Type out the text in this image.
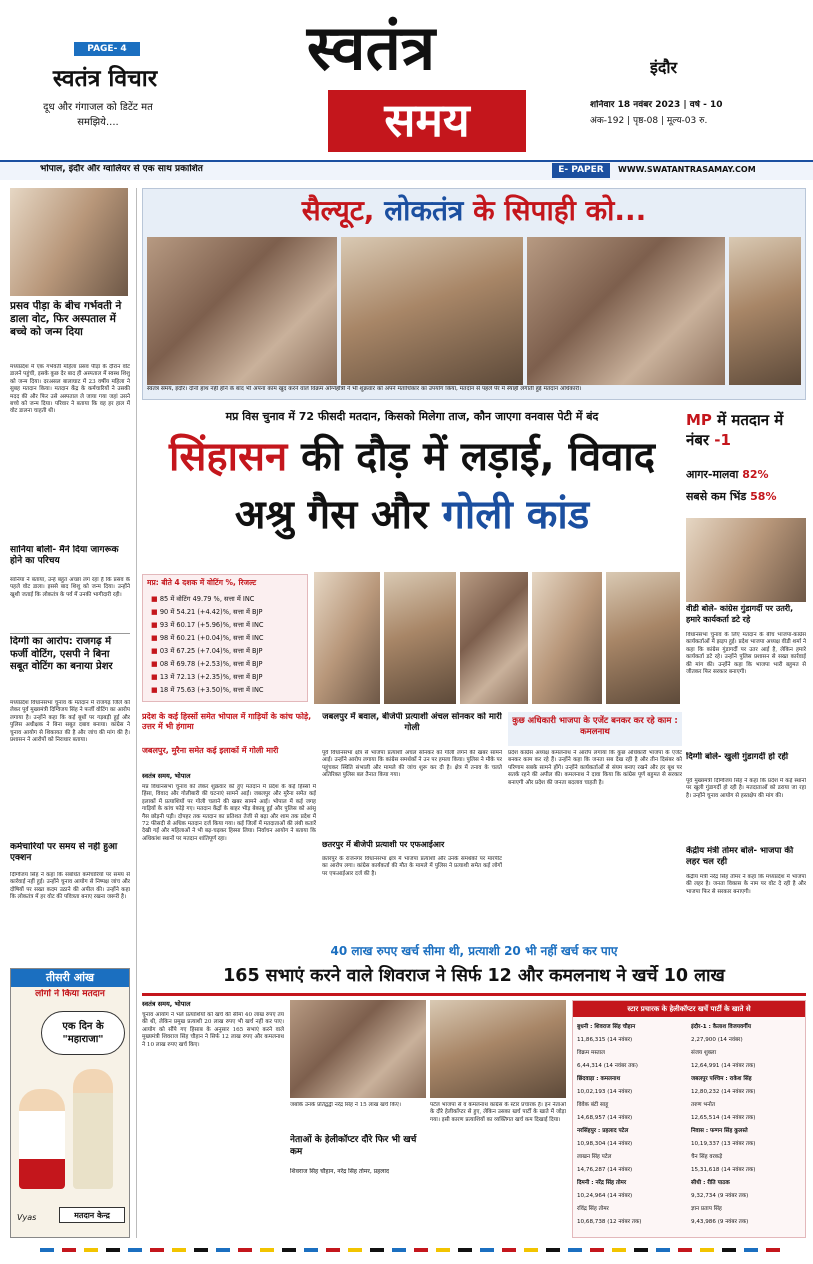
PAGE- 4
स्वतंत्र विचार
दूध और गंगाजल को डिटेंट मत समझिये....
स्वतंत्र
समय
इंदौर
शनिवार 18 नवंबर 2023 | वर्ष - 10
अंक-192 | पृष्ठ-08 | मूल्य-03 रु.
भोपाल, इंदौर और ग्वालियर से एक साथ प्रकाशित	E- PAPER	WWW.SWATANTRASAMAY.COM
प्रसव पीड़ा के बीच गर्भवती ने डाला वोट, फिर अस्पताल में बच्चे को जन्म दिया
मध्यप्रदेश में एक गर्भवती महिला प्रसव पीड़ा के दौरान वोट डालने पहुंची, इसके कुछ देर बाद ही अस्पताल में स्वस्थ शिशु को जन्म दिया। दरअसल बालाघाट में 23 वर्षीय महिला ने सुबह मतदान किया। मतदान केंद्र के कर्मचारियों ने उसकी मदद की और फिर उसे अस्पताल ले जाया गया जहां उसने बच्चे को जन्म दिया। परिवार ने बताया कि वह हर हाल में वोट डालना चाहती थी।
सानिया बोलीं- मैंने दिया जागरूक होने का परिचय
सानिया ने बताया, उन्हें बहुत अच्छा लग रहा है कि प्रसव के पहले वोट डाला। इससे बाद शिशु को जन्म दिया। उन्होंने खुशी जताई कि लोकतंत्र के पर्व में उनकी भागीदारी रही।
दिग्गी का आरोप: राजगढ़ में फर्जी वोटिंग, एसपी ने बिना सबूत वोटिंग का बनाया प्रेशर
मध्यप्रदेश विधानसभा चुनाव के मतदान में राजगढ़ जिले को लेकर पूर्व मुख्यमंत्री दिग्विजय सिंह ने फर्जी वोटिंग का आरोप लगाया है। उन्होंने कहा कि कई बूथों पर गड़बड़ी हुई और पुलिस अधीक्षक ने बिना सबूत दबाव बनाया। कांग्रेस ने चुनाव आयोग से शिकायत की है और जांच की मांग की है। प्रशासन ने आरोपों को निराधार बताया।
कर्मचारियों पर समय से नहीं हुआ एक्शन
दिग्विजय सिंह ने कहा कि संबंधित कर्मचारियों पर समय से कार्रवाई नहीं हुई। उन्होंने चुनाव आयोग से निष्पक्ष जांच और दोषियों पर सख्त कदम उठाने की अपील की। उन्होंने कहा कि लोकतंत्र में हर वोट की पवित्रता बनाए रखना जरूरी है।
तीसरी आंख
लोगों ने किया मतदान
एक दिन के "महाराजा"
मतदान केन्द्र
Vyas
सैल्यूट, लोकतंत्र के सिपाही को...
स्वतंत्र समय, इंदौर। दोनों हाथ नहीं होने के बाद भी अपना काम खुद करने वाले विक्रम अग्निहोत्री ने भी शुक्रवार को अपने मताधिकार का उपयोग किया, मतदान से पहले पैर में स्याही लगाती हुई मतदान अधिकारी।
मप्र विस चुनाव में 72 फीसदी मतदान, किसको मिलेगा ताज, कौन जाएगा वनवास पेटी में बंद
सिंहासन की दौड़ में लड़ाई, विवाद
अश्रु गैस और गोली कांड
MP में मतदान में नंबर -1
आगर-मालवा 82%
सबसे कम भिंड 58%
मप्र: बीते 4 दशक में वोटिंग %, रिजल्ट
■ 85 में वोटिंग 49.79 %, सत्ता में INC
■ 90 में 54.21 (+4.42)%, सत्ता में BJP
■ 93 में 60.17 (+5.96)%, सत्ता में INC
■ 98 में 60.21 (+0.04)%, सत्ता में INC
■ 03 में 67.25 (+7.04)%, सत्ता में BJP
■ 08 में 69.78 (+2.53)%, सत्ता में BJP
■ 13 में 72.13 (+2.35)%, सत्ता में BJP
■ 18 में 75.63 (+3.50)%, सत्ता में INC
प्रदेश के कई हिस्सों समेत भोपाल में गाड़ियों के कांच फोड़े, उत्तर में भी हंगामा
जबलपुर, मुरैना समेत कई इलाकों में गोली मारी
स्वतंत्र समय, भोपाल
मप्र विधानसभा चुनाव को लेकर शुक्रवार को हुए मतदान में प्रदेश के कई हिस्सों में हिंसा, विवाद और गोलीबारी की घटनाएं सामने आईं। जबलपुर और मुरैना समेत कई इलाकों में प्रत्याशियों पर गोली चलाने की खबर सामने आई। भोपाल में कई जगह गाड़ियों के कांच फोड़े गए। मतदान केंद्रों के बाहर भीड़ बेकाबू हुई और पुलिस को आंसू गैस छोड़नी पड़ी। दोपहर तक मतदान का प्रतिशत तेजी से बढ़ा और शाम तक प्रदेश में 72 फीसदी से अधिक मतदान दर्ज किया गया। कई जिलों में मतदाताओं की लंबी कतारें देखी गईं और महिलाओं ने भी बढ़-चढ़कर हिस्सा लिया। निर्वाचन आयोग ने बताया कि अधिकांश स्थानों पर मतदान शांतिपूर्ण रहा।
जबलपुर में बवाल, बीजेपी प्रत्याशी अंचल सोनकर को मारी गोली
पूर्व विधानसभा क्षेत्र से भाजपा प्रत्याशी अंचल सोनकर को गोली लगने की खबर सामने आई। उन्होंने आरोप लगाया कि कांग्रेस समर्थकों ने उन पर हमला किया। पुलिस ने मौके पर पहुंचकर स्थिति संभाली और मामले की जांच शुरू कर दी है। क्षेत्र में तनाव के चलते अतिरिक्त पुलिस बल तैनात किया गया।
छतरपुर में बीजेपी प्रत्याशी पर एफआईआर
छतरपुर के राजनगर विधानसभा क्षेत्र में भाजपा प्रत्याशी और उनके समर्थकों पर मारपीट का आरोप लगा। कांग्रेस कार्यकर्ता की मौत के मामले में पुलिस ने प्रत्याशी समेत कई लोगों पर एफआईआर दर्ज की है।
कुछ अधिकारी भाजपा के एजेंट बनकर कर रहे काम : कमलनाथ
प्रदेश कांग्रेस अध्यक्ष कमलनाथ ने आरोप लगाया कि कुछ अधिकारी भाजपा के एजेंट बनकर काम कर रहे हैं। उन्होंने कहा कि जनता सब देख रही है और तीन दिसंबर को परिणाम सबके सामने होंगे। उन्होंने कार्यकर्ताओं से संयम बनाए रखने और हर बूथ पर सतर्क रहने की अपील की। कमलनाथ ने दावा किया कि कांग्रेस पूर्ण बहुमत से सरकार बनाएगी और प्रदेश की जनता बदलाव चाहती है।
वीडी बोले- कांग्रेस गुंडागर्दी पर उतरी, हमारे कार्यकर्ता डटे रहे
विधानसभा चुनाव के लिए मतदान के बीच भाजपा-कांग्रेस कार्यकर्ताओं में झड़प हुई। प्रदेश भाजपा अध्यक्ष वीडी शर्मा ने कहा कि कांग्रेस गुंडागर्दी पर उतर आई है, लेकिन हमारे कार्यकर्ता डटे रहे। उन्होंने पुलिस प्रशासन से सख्त कार्रवाई की मांग की। उन्होंने कहा कि भाजपा भारी बहुमत से जीतकर फिर सरकार बनाएगी।
दिग्गी बोले- खुली गुंडागर्दी हो रही
पूर्व मुख्यमंत्री दिग्विजय सिंह ने कहा कि प्रदेश में कई स्थानों पर खुली गुंडागर्दी हो रही है। मतदाताओं को डराया जा रहा है। उन्होंने चुनाव आयोग से हस्तक्षेप की मांग की।
केंद्रीय मंत्री तोमर बोले- भाजपा की लहर चल रही
केंद्रीय मंत्री नरेंद्र सिंह तोमर ने कहा कि मध्यप्रदेश में भाजपा की लहर है। जनता विकास के नाम पर वोट दे रही है और भाजपा फिर से सरकार बनाएगी।
40 लाख रुपए खर्च सीमा थी, प्रत्याशी 20 भी नहीं खर्च कर पाए
165 सभाएं करने वाले शिवराज ने सिर्फ 12 और कमलनाथ ने खर्चे 10 लाख
स्वतंत्र समय, भोपाल
चुनाव आयोग ने भले प्रत्याशियों को खर्च की सीमा 40 लाख रुपए तय की थी, लेकिन प्रमुख प्रत्याशी 20 लाख रुपए भी खर्च नहीं कर पाए। आयोग को सौंपे गए हिसाब के अनुसार 165 सभाएं करने वाले मुख्यमंत्री शिवराज सिंह चौहान ने सिर्फ 12 लाख रुपए और कमलनाथ ने 10 लाख रुपए खर्च किए।
जबकि उनके प्रतिद्वंद्वी नरेंद्र सिंह ने 15 लाख खर्च किए।
नेताओं के हेलीकॉप्टर दौरे फिर भी खर्च कम
शिवराज सिंह चौहान, नरेंद्र सिंह तोमर, प्रहलाद
पटेल भाजपा से व कमलनाथ कांग्रेस के स्टार प्रचारक हैं। इन नेताओं के दौरे हेलीकॉप्टर से हुए, लेकिन उसका खर्च पार्टी के खाते में जोड़ा गया। इसी कारण प्रत्याशियों का व्यक्तिगत खर्च कम दिखाई दिया।
स्टार प्रचारक के हेलीकॉप्टर खर्चे पार्टी के खाते से
बुधनी : शिवराज सिंह चौहान
11,86,315 (14 नवंबर)
विक्रम मस्ताल
6,44,314 (14 नवंबर तक)
छिंदवाड़ा : कमलनाथ
10,02,193 (14 नवंबर)
विवेक बंटी साहू
14,68,957 (14 नवंबर)
नरसिंहपुर : प्रहलाद पटेल
10,98,304 (14 नवंबर)
लाखन सिंह पटेल
14,76,287 (14 नवंबर)
दिमनी : नरेंद्र सिंह तोमर
10,24,964 (14 नवंबर)
रविंद्र सिंह तोमर
10,68,738 (12 नवंबर तक)
इंदौर-1 : कैलाश विजयवर्गीय
2,27,900 (14 नवंबर)
संजय शुक्ला
12,64,991 (14 नवंबर तक)
जबलपुर पश्चिम : राकेश सिंह
12,80,232 (14 नवंबर तक)
तरुण भनोत
12,65,514 (14 नवंबर तक)
निवास : फग्गन सिंह कुलस्ते
10,19,337 (13 नवंबर तक)
चैन सिंह वरकड़े
15,31,618 (14 नवंबर तक)
सीधी : रीति पाठक
9,32,734 (9 नवंबर तक)
ज्ञान प्रताप सिंह
9,43,986 (9 नवंबर तक)
